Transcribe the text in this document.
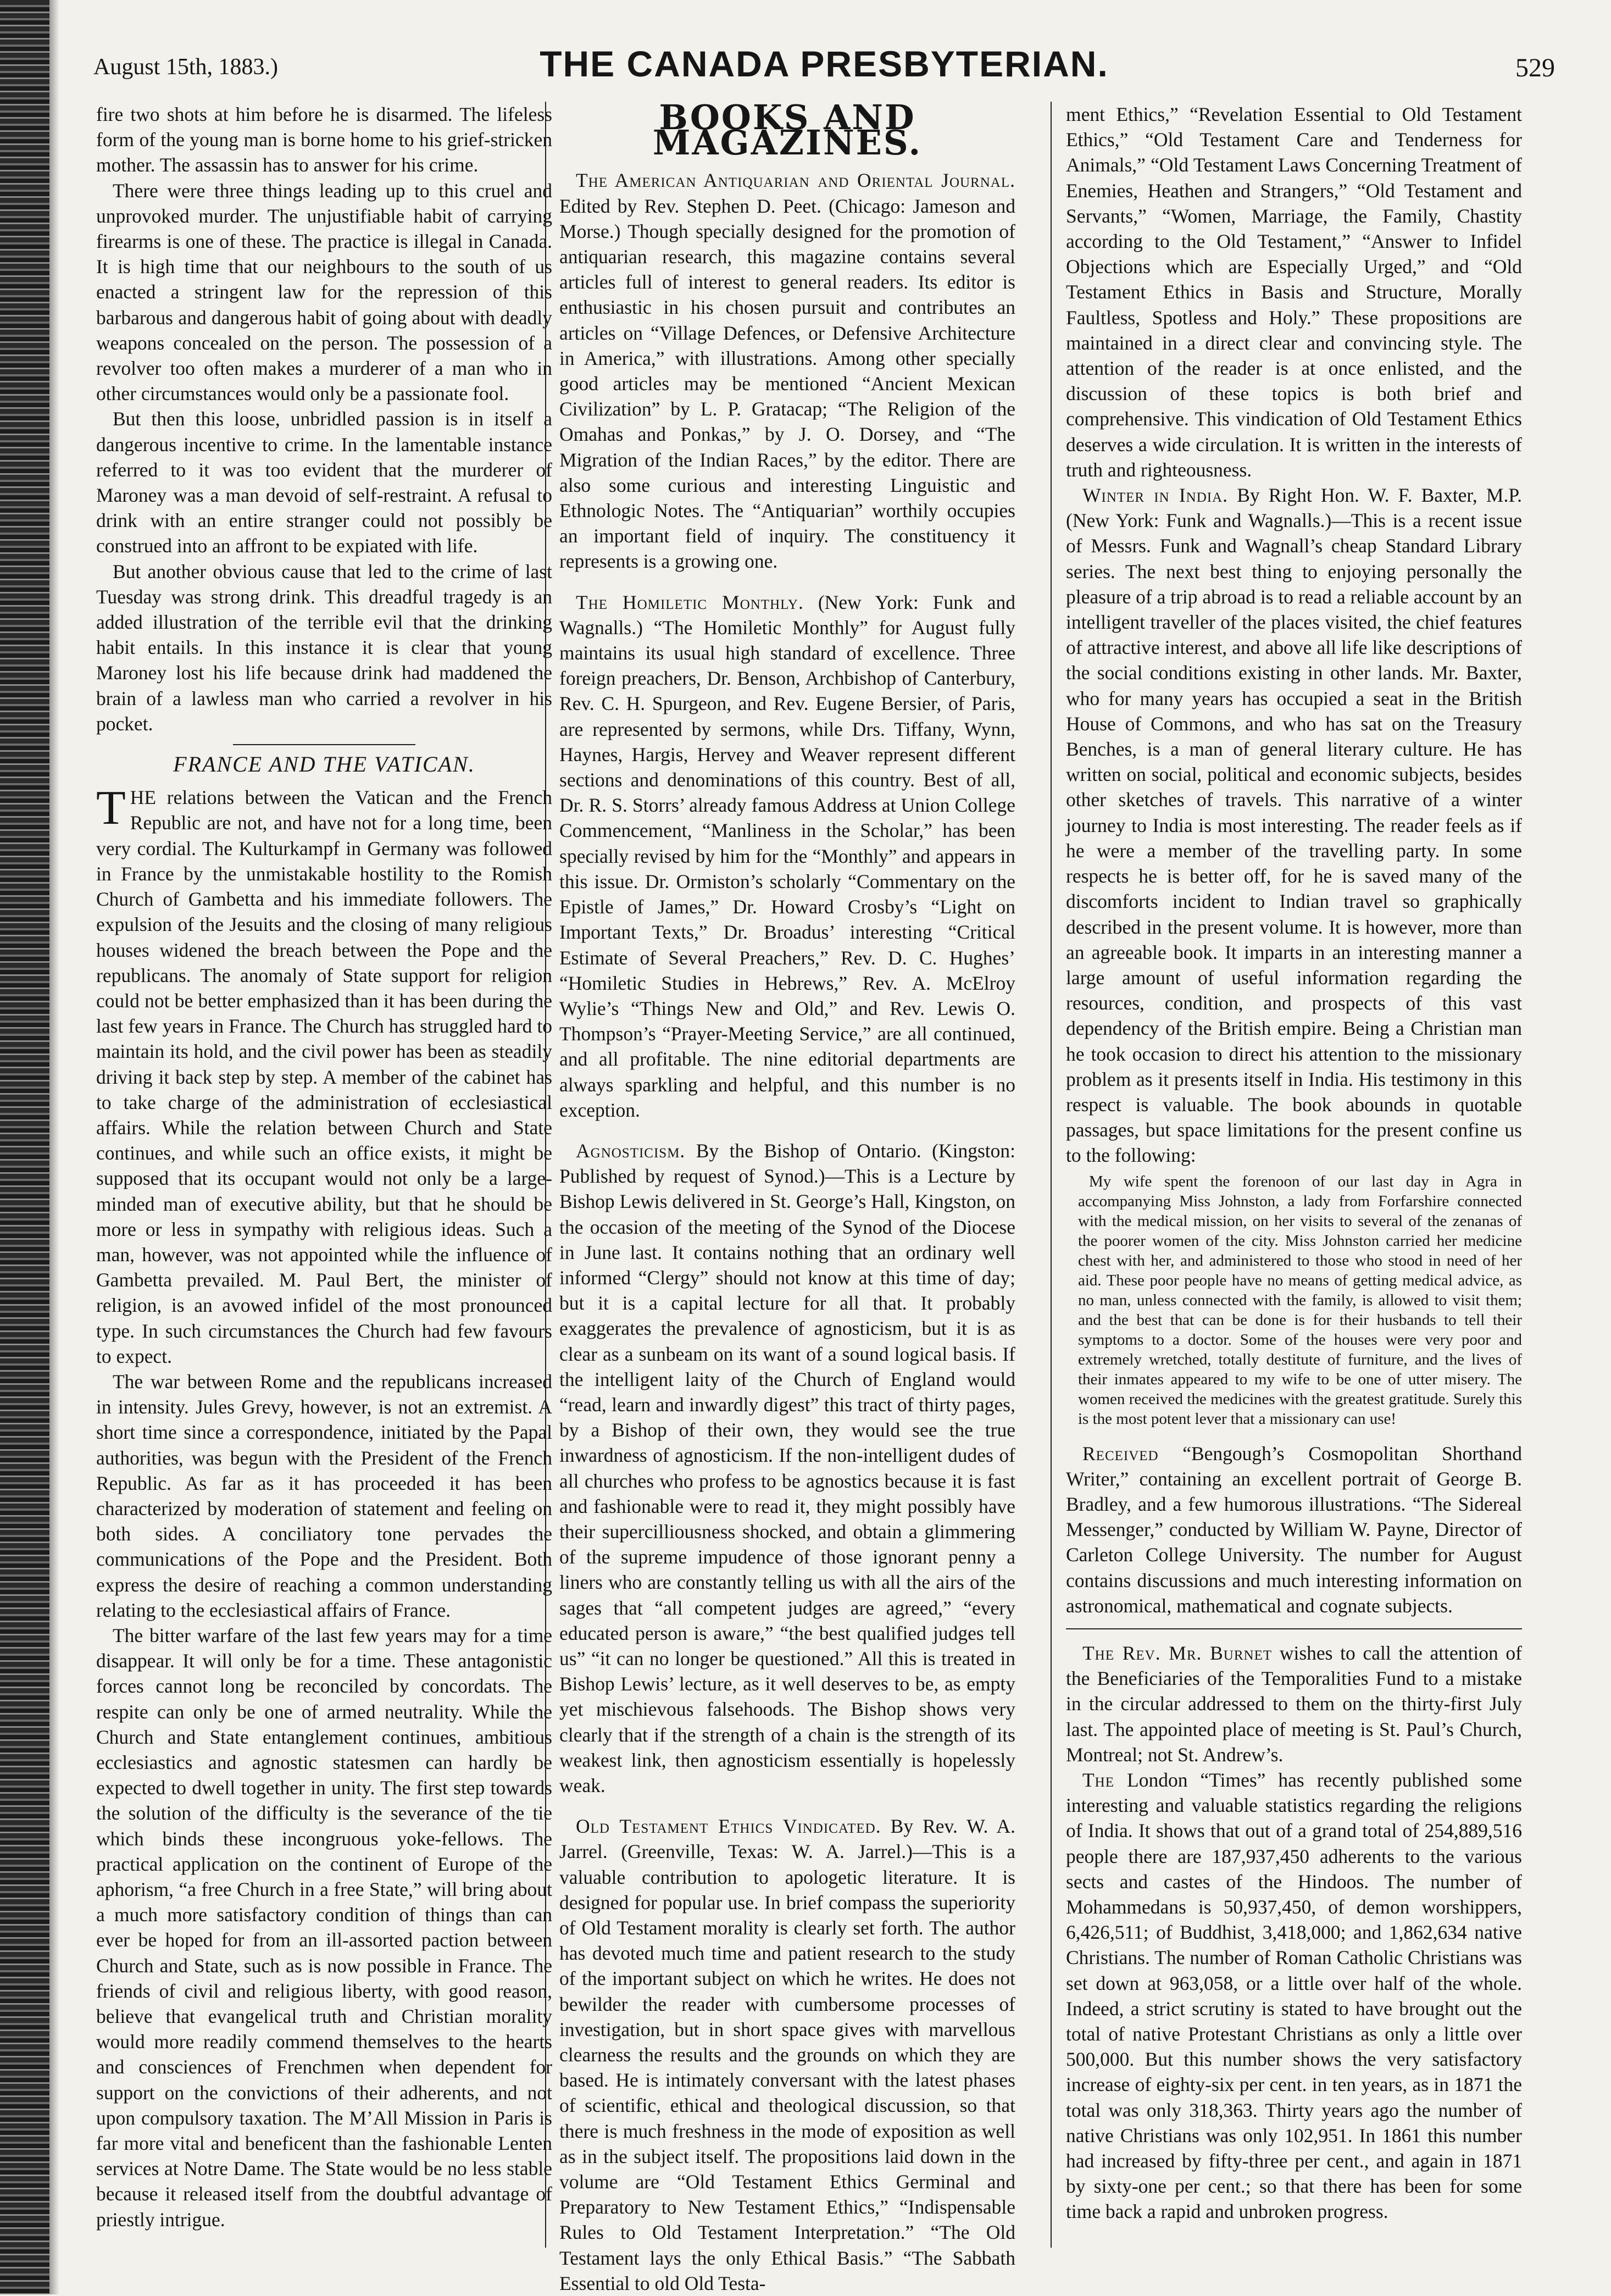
August 15th, 1883.)	THE CANADA PRESBYTERIAN.	529

fire two shots at him before he is disarmed. The lifeless form of the young man is borne home to his grief-stricken mother. The assassin has to answer for his crime.

There were three things leading up to this cruel and unprovoked murder. The unjustifiable habit of carrying firearms is one of these. The practice is illegal in Canada. It is high time that our neighbours to the south of us enacted a stringent law for the repression of this barbarous and dangerous habit of going about with deadly weapons concealed on the person. The possession of a revolver too often makes a murderer of a man who in other circumstances would only be a passionate fool.

But then this loose, unbridled passion is in itself a dangerous incentive to crime. In the lamentable instance referred to it was too evident that the murderer of Maroney was a man devoid of self-restraint. A refusal to drink with an entire stranger could not possibly be construed into an affront to be expiated with life.

But another obvious cause that led to the crime of last Tuesday was strong drink. This dreadful tragedy is an added illustration of the terrible evil that the drinking habit entails. In this instance it is clear that young Maroney lost his life because drink had maddened the brain of a lawless man who carried a revolver in his pocket.

FRANCE AND THE VATICAN.

THE relations between the Vatican and the French Republic are not, and have not for a long time, been very cordial. The Kulturkampf in Germany was followed in France by the unmistakable hostility to the Romish Church of Gambetta and his immediate followers. The expulsion of the Jesuits and the closing of many religious houses widened the breach between the Pope and the republicans. The anomaly of State support for religion could not be better emphasized than it has been during the last few years in France. The Church has struggled hard to maintain its hold, and the civil power has been as steadily driving it back step by step. A member of the cabinet has to take charge of the administration of ecclesiastical affairs. While the relation between Church and State continues, and while such an office exists, it might be supposed that its occupant would not only be a large-minded man of executive ability, but that he should be more or less in sympathy with religious ideas. Such a man, however, was not appointed while the influence of Gambetta prevailed. M. Paul Bert, the minister of religion, is an avowed infidel of the most pronounced type. In such circumstances the Church had few favours to expect.

The war between Rome and the republicans increased in intensity. Jules Grevy, however, is not an extremist. A short time since a correspondence, initiated by the Papal authorities, was begun with the President of the French Republic. As far as it has proceeded it has been characterized by moderation of statement and feeling on both sides. A conciliatory tone pervades the communications of the Pope and the President. Both express the desire of reaching a common understanding relating to the ecclesiastical affairs of France.

The bitter warfare of the last few years may for a time disappear. It will only be for a time. These antagonistic forces cannot long be reconciled by concordats. The respite can only be one of armed neutrality. While the Church and State entanglement continues, ambitious ecclesiastics and agnostic statesmen can hardly be expected to dwell together in unity. The first step towards the solution of the difficulty is the severance of the tie which binds these incongruous yoke-fellows. The practical application on the continent of Europe of the aphorism, “a free Church in a free State,” will bring about a much more satisfactory condition of things than can ever be hoped for from an ill-assorted paction between Church and State, such as is now possible in France. The friends of civil and religious liberty, with good reason, believe that evangelical truth and Christian morality would more readily commend themselves to the hearts and consciences of Frenchmen when dependent for support on the convictions of their adherents, and not upon compulsory taxation. The M’All Mission in Paris is far more vital and beneficent than the fashionable Lenten services at Notre Dame. The State would be no less stable because it released itself from the doubtful advantage of priestly intrigue.

BOOKS AND MAGAZINES.

The American Antiquarian and Oriental Journal. Edited by Rev. Stephen D. Peet. (Chicago: Jameson and Morse.) Though specially designed for the promotion of antiquarian research, this magazine contains several articles full of interest to general readers. Its editor is enthusiastic in his chosen pursuit and contributes an articles on “Village Defences, or Defensive Architecture in America,” with illustrations. Among other specially good articles may be mentioned “Ancient Mexican Civilization” by L. P. Gratacap; “The Religion of the Omahas and Ponkas,” by J. O. Dorsey, and “The Migration of the Indian Races,” by the editor. There are also some curious and interesting Linguistic and Ethnologic Notes. The “Antiquarian” worthily occupies an important field of inquiry. The constituency it represents is a growing one.

The Homiletic Monthly. (New York: Funk and Wagnalls.) “The Homiletic Monthly” for August fully maintains its usual high standard of excellence. Three foreign preachers, Dr. Benson, Archbishop of Canterbury, Rev. C. H. Spurgeon, and Rev. Eugene Bersier, of Paris, are represented by sermons, while Drs. Tiffany, Wynn, Haynes, Hargis, Hervey and Weaver represent different sections and denominations of this country. Best of all, Dr. R. S. Storrs’ already famous Address at Union College Commencement, “Manliness in the Scholar,” has been specially revised by him for the “Monthly” and appears in this issue. Dr. Ormiston’s scholarly “Commentary on the Epistle of James,” Dr. Howard Crosby’s “Light on Important Texts,” Dr. Broadus’ interesting “Critical Estimate of Several Preachers,” Rev. D. C. Hughes’ “Homiletic Studies in Hebrews,” Rev. A. McElroy Wylie’s “Things New and Old,” and Rev. Lewis O. Thompson’s “Prayer-Meeting Service,” are all continued, and all profitable. The nine editorial departments are always sparkling and helpful, and this number is no exception.

Agnosticism. By the Bishop of Ontario. (Kingston: Published by request of Synod.)—This is a Lecture by Bishop Lewis delivered in St. George’s Hall, Kingston, on the occasion of the meeting of the Synod of the Diocese in June last. It contains nothing that an ordinary well informed “Clergy” should not know at this time of day; but it is a capital lecture for all that. It probably exaggerates the prevalence of agnosticism, but it is as clear as a sunbeam on its want of a sound logical basis. If the intelligent laity of the Church of England would “read, learn and inwardly digest” this tract of thirty pages, by a Bishop of their own, they would see the true inwardness of agnosticism. If the non-intelligent dudes of all churches who profess to be agnostics because it is fast and fashionable were to read it, they might possibly have their supercilliousness shocked, and obtain a glimmering of the supreme impudence of those ignorant penny a liners who are constantly telling us with all the airs of the sages that “all competent judges are agreed,” “every educated person is aware,” “the best qualified judges tell us” “it can no longer be questioned.” All this is treated in Bishop Lewis’ lecture, as it well deserves to be, as empty yet mischievous falsehoods. The Bishop shows very clearly that if the strength of a chain is the strength of its weakest link, then agnosticism essentially is hopelessly weak.

Old Testament Ethics Vindicated. By Rev. W. A. Jarrel. (Greenville, Texas: W. A. Jarrel.)—This is a valuable contribution to apologetic literature. It is designed for popular use. In brief compass the superiority of Old Testament morality is clearly set forth. The author has devoted much time and patient research to the study of the important subject on which he writes. He does not bewilder the reader with cumbersome processes of investigation, but in short space gives with marvellous clearness the results and the grounds on which they are based. He is intimately conversant with the latest phases of scientific, ethical and theological discussion, so that there is much freshness in the mode of exposition as well as in the subject itself. The propositions laid down in the volume are “Old Testament Ethics Germinal and Preparatory to New Testament Ethics,” “Indispensable Rules to Old Testament Interpretation.” “The Old Testament lays the only Ethical Basis.” “The Sabbath Essential to old Old Testa-

ment Ethics,” “Revelation Essential to Old Testament Ethics,” “Old Testament Care and Tenderness for Animals,” “Old Testament Laws Concerning Treatment of Enemies, Heathen and Strangers,” “Old Testament and Servants,” “Women, Marriage, the Family, Chastity according to the Old Testament,” “Answer to Infidel Objections which are Especially Urged,” and “Old Testament Ethics in Basis and Structure, Morally Faultless, Spotless and Holy.” These propositions are maintained in a direct clear and convincing style. The attention of the reader is at once enlisted, and the discussion of these topics is both brief and comprehensive. This vindication of Old Testament Ethics deserves a wide circulation. It is written in the interests of truth and righteousness.

Winter in India. By Right Hon. W. F. Baxter, M.P. (New York: Funk and Wagnalls.)—This is a recent issue of Messrs. Funk and Wagnall’s cheap Standard Library series. The next best thing to enjoying personally the pleasure of a trip abroad is to read a reliable account by an intelligent traveller of the places visited, the chief features of attractive interest, and above all life like descriptions of the social conditions existing in other lands. Mr. Baxter, who for many years has occupied a seat in the British House of Commons, and who has sat on the Treasury Benches, is a man of general literary culture. He has written on social, political and economic subjects, besides other sketches of travels. This narrative of a winter journey to India is most interesting. The reader feels as if he were a member of the travelling party. In some respects he is better off, for he is saved many of the discomforts incident to Indian travel so graphically described in the present volume. It is however, more than an agreeable book. It imparts in an interesting manner a large amount of useful information regarding the resources, condition, and prospects of this vast dependency of the British empire. Being a Christian man he took occasion to direct his attention to the missionary problem as it presents itself in India. His testimony in this respect is valuable. The book abounds in quotable passages, but space limitations for the present confine us to the following:

My wife spent the forenoon of our last day in Agra in accompanying Miss Johnston, a lady from Forfarshire connected with the medical mission, on her visits to several of the zenanas of the poorer women of the city. Miss Johnston carried her medicine chest with her, and administered to those who stood in need of her aid. These poor people have no means of getting medical advice, as no man, unless connected with the family, is allowed to visit them; and the best that can be done is for their husbands to tell their symptoms to a doctor. Some of the houses were very poor and extremely wretched, totally destitute of furniture, and the lives of their inmates appeared to my wife to be one of utter misery. The women received the medicines with the greatest gratitude. Surely this is the most potent lever that a missionary can use!

Received “Bengough’s Cosmopolitan Shorthand Writer,” containing an excellent portrait of George B. Bradley, and a few humorous illustrations. “The Sidereal Messenger,” conducted by William W. Payne, Director of Carleton College University. The number for August contains discussions and much interesting information on astronomical, mathematical and cognate subjects.

The Rev. Mr. Burnet wishes to call the attention of the Beneficiaries of the Temporalities Fund to a mistake in the circular addressed to them on the thirty-first July last. The appointed place of meeting is St. Paul’s Church, Montreal; not St. Andrew’s.

The London “Times” has recently published some interesting and valuable statistics regarding the religions of India. It shows that out of a grand total of 254,889,516 people there are 187,937,450 adherents to the various sects and castes of the Hindoos. The number of Mohammedans is 50,937,450, of demon worshippers, 6,426,511; of Buddhist, 3,418,000; and 1,862,634 native Christians. The number of Roman Catholic Christians was set down at 963,058, or a little over half of the whole. Indeed, a strict scrutiny is stated to have brought out the total of native Protestant Christians as only a little over 500,000. But this number shows the very satisfactory increase of eighty-six per cent. in ten years, as in 1871 the total was only 318,363. Thirty years ago the number of native Christians was only 102,951. In 1861 this number had increased by fifty-three per cent., and again in 1871 by sixty-one per cent.; so that there has been for some time back a rapid and unbroken progress.
